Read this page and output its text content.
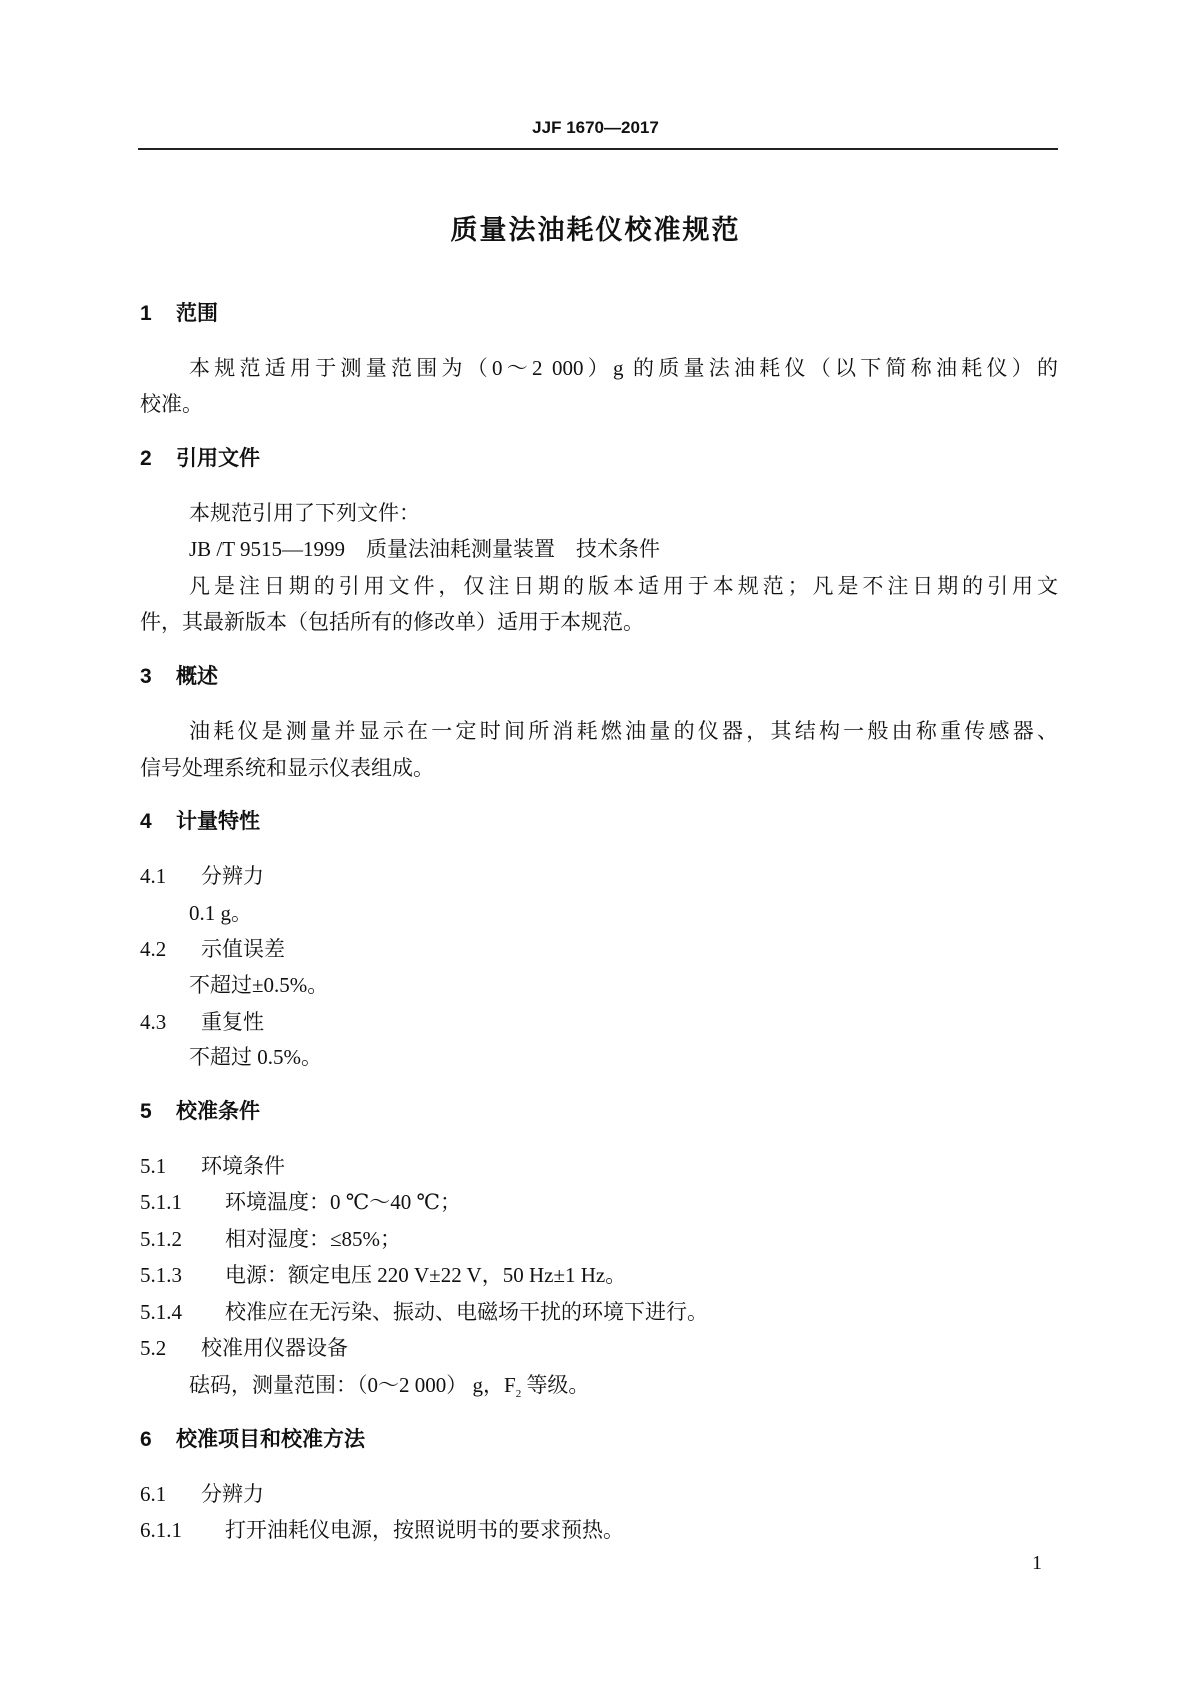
JJF 1670—2017
质量法油耗仪校准规范
1 范围
本规范适用于测量范围为（0～2 000）g 的质量法油耗仪（以下简称油耗仪）的
校准。
2 引用文件
本规范引用了下列文件：
JB /T 9515—1999　质量法油耗测量装置　技术条件
凡是注日期的引用文件，仅注日期的版本适用于本规范；凡是不注日期的引用文
件，其最新版本（包括所有的修改单）适用于本规范。
3 概述
油耗仪是测量并显示在一定时间所消耗燃油量的仪器，其结构一般由称重传感器、
信号处理系统和显示仪表组成。
4 计量特性
4.1 分辨力
0.1 g。
4.2 示值误差
不超过±0.5%。
4.3 重复性
不超过 0.5%。
5 校准条件
5.1 环境条件
5.1.1 环境温度：0 ℃～40 ℃；
5.1.2 相对湿度：≤85%；
5.1.3 电源：额定电压 220 V±22 V，50 Hz±1 Hz。
5.1.4 校准应在无污染、振动、电磁场干扰的环境下进行。
5.2 校准用仪器设备
砝码，测量范围：（0～2 000） g，$F_2$ 等级。
6 校准项目和校准方法
6.1 分辨力
6.1.1 打开油耗仪电源，按照说明书的要求预热。
1
